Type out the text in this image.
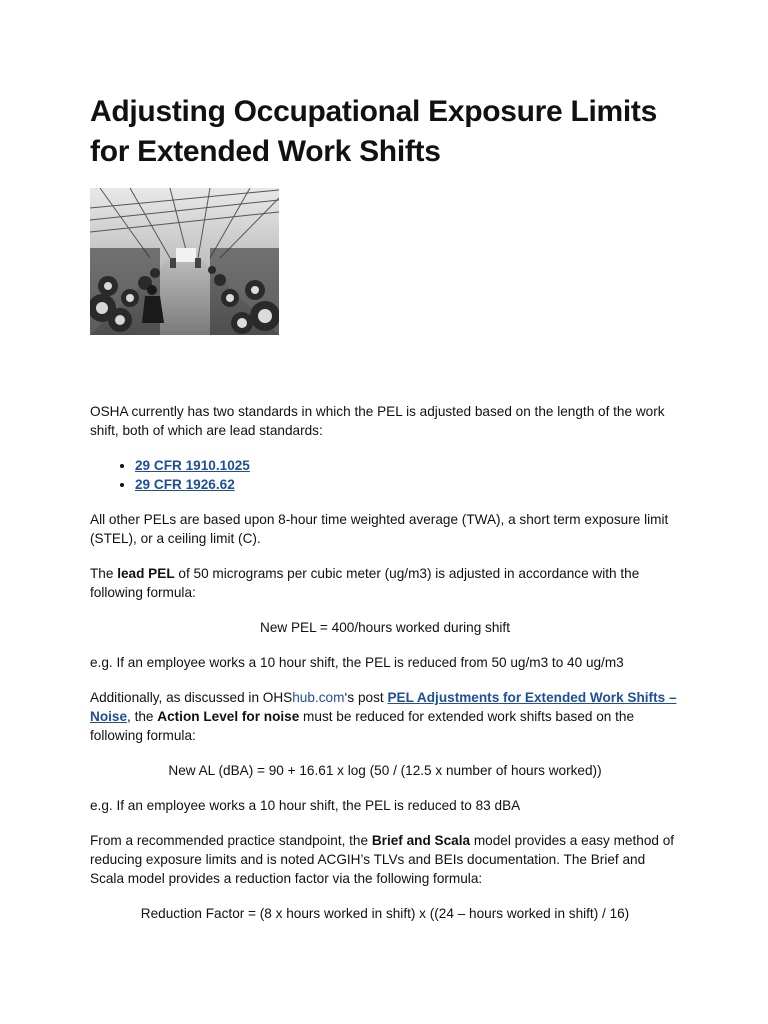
Adjusting Occupational Exposure Limits for Extended Work Shifts

OSHA currently has two standards in which the PEL is adjusted based on the length of the work shift, both of which are lead standards:

• 29 CFR 1910.1025
• 29 CFR 1926.62

All other PELs are based upon 8-hour time weighted average (TWA), a short term exposure limit (STEL), or a ceiling limit (C).

The lead PEL of 50 micrograms per cubic meter (ug/m3) is adjusted in accordance with the following formula:

New PEL = 400/hours worked during shift

e.g. If an employee works a 10 hour shift, the PEL is reduced from 50 ug/m3 to 40 ug/m3

Additionally, as discussed in OHShub.com‘s post PEL Adjustments for Extended Work Shifts – Noise, the Action Level for noise must be reduced for extended work shifts based on the following formula:

New AL (dBA) = 90 + 16.61 x log (50 / (12.5 x number of hours worked))

e.g. If an employee works a 10 hour shift, the PEL is reduced to 83 dBA

From a recommended practice standpoint, the Brief and Scala model provides a easy method of reducing exposure limits and is noted ACGIH’s TLVs and BEIs documentation. The Brief and Scala model provides a reduction factor via the following formula:

Reduction Factor = (8 x hours worked in shift) x ((24 – hours worked in shift) / 16)
